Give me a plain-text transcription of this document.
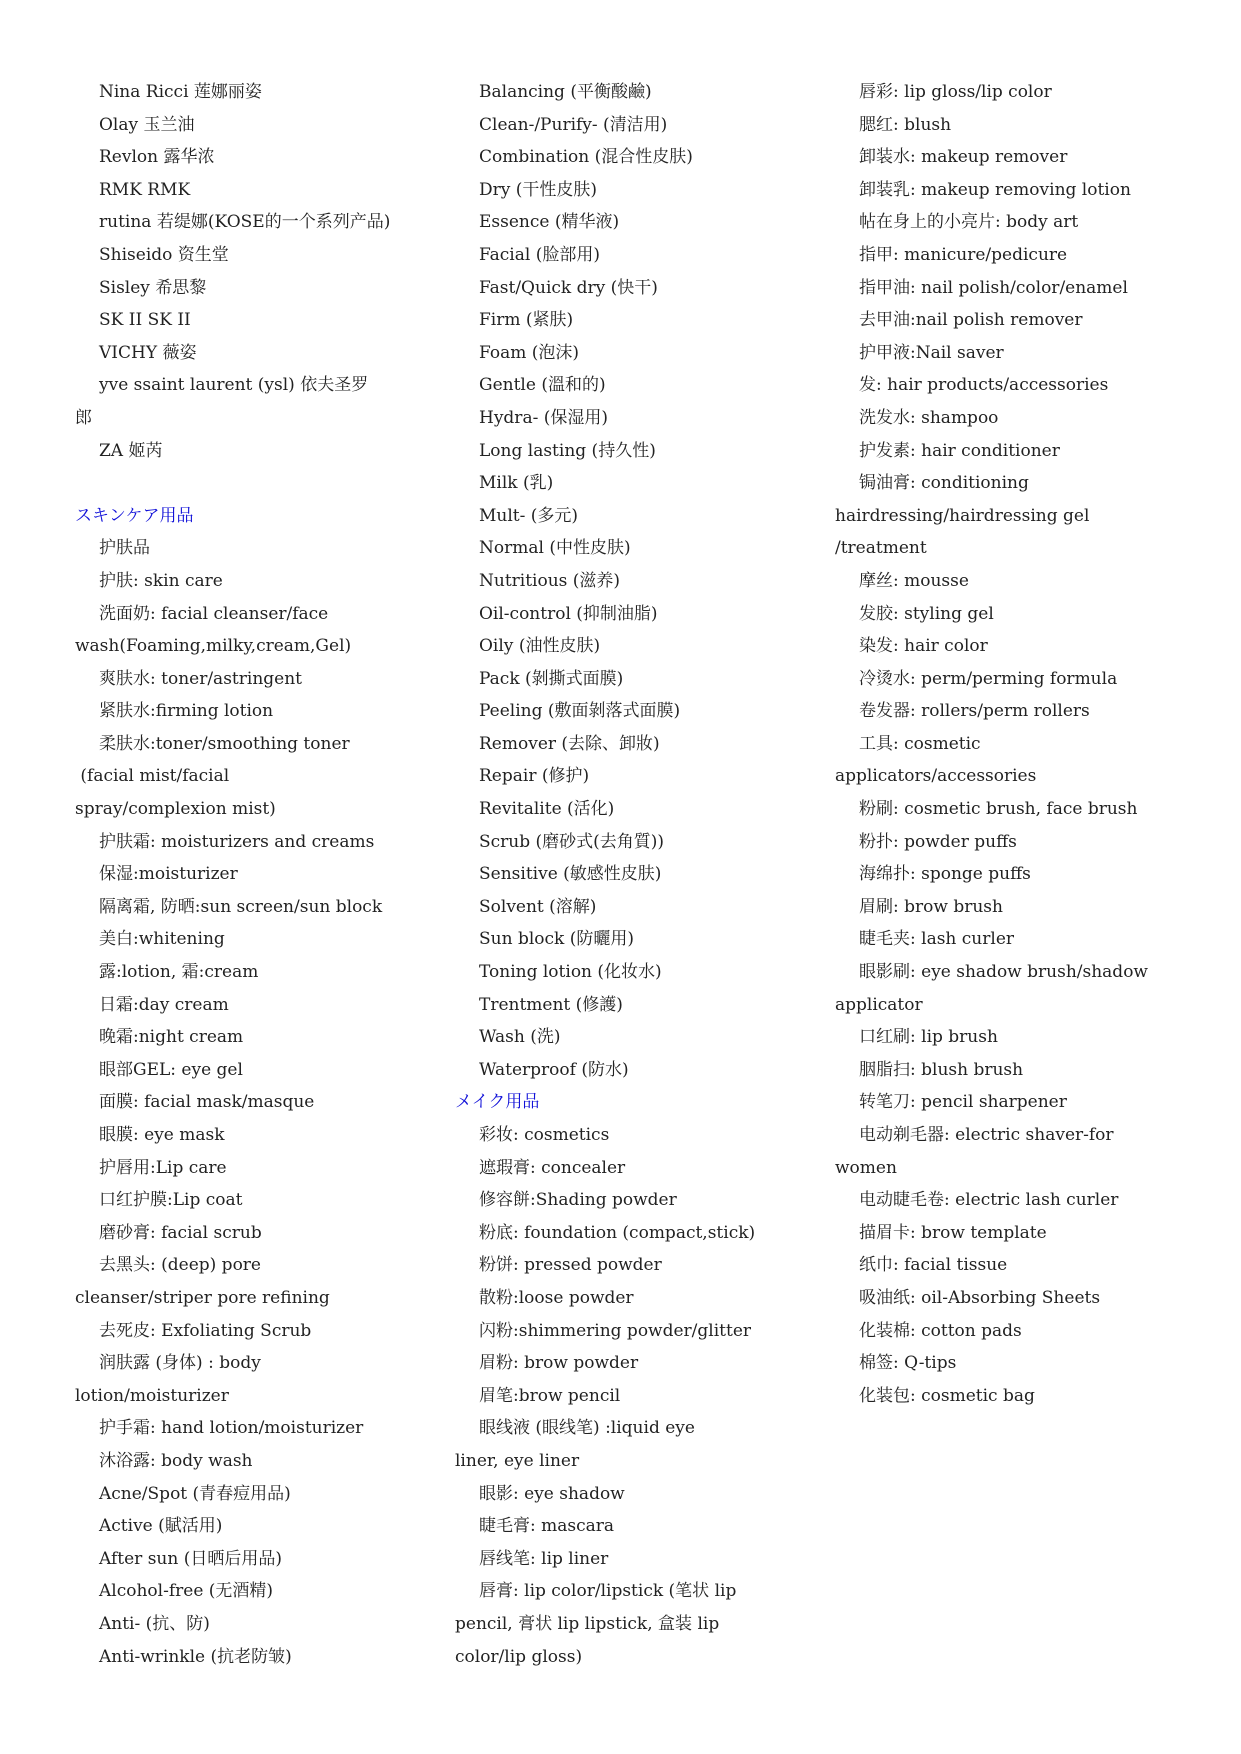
Nina Ricci 莲娜丽姿
Olay 玉兰油
Revlon 露华浓
RMK RMK
rutina 若缇娜(KOSE的一个系列产品)
Shiseido 资生堂
Sisley 希思黎
SK II SK II
VICHY 薇姿
yve ssaint laurent (ysl) 依夫圣罗
郎
ZA 姬芮
スキンケア用品
护肤品
护肤: skin care
洗面奶: facial cleanser/face
wash(Foaming,milky,cream,Gel)
爽肤水: toner/astringent
紧肤水:firming lotion
柔肤水:toner/smoothing toner
(facial mist/facial
spray/complexion mist)
护肤霜: moisturizers and creams
保湿:moisturizer
隔离霜, 防晒:sun screen/sun block
美白:whitening
露:lotion, 霜:cream
日霜:day cream
晚霜:night cream
眼部GEL: eye gel
面膜: facial mask/masque
眼膜: eye mask
护唇用:Lip care
口红护膜:Lip coat
磨砂膏: facial scrub
去黑头: (deep) pore
cleanser/striper pore refining
去死皮: Exfoliating Scrub
润肤露 (身体) : body
lotion/moisturizer
护手霜: hand lotion/moisturizer
沐浴露: body wash
Acne/Spot (青春痘用品)
Active (賦活用)
After sun (日晒后用品)
Alcohol-free (无酒精)
Anti- (抗、防)
Anti-wrinkle (抗老防皱)
Balancing (平衡酸鹼)
Clean-/Purify- (清洁用)
Combination (混合性皮肤)
Dry (干性皮肤)
Essence (精华液)
Facial (脸部用)
Fast/Quick dry (快干)
Firm (紧肤)
Foam (泡沫)
Gentle (溫和的)
Hydra- (保湿用)
Long lasting (持久性)
Milk (乳)
Mult- (多元)
Normal (中性皮肤)
Nutritious (滋养)
Oil-control (抑制油脂)
Oily (油性皮肤)
Pack (剝撕式面膜)
Peeling (敷面剝落式面膜)
Remover (去除、卸妝)
Repair (修护)
Revitalite (活化)
Scrub (磨砂式(去角質))
Sensitive (敏感性皮肤)
Solvent (溶解)
Sun block (防曬用)
Toning lotion (化妆水)
Trentment (修護)
Wash (洗)
Waterproof (防水)
メイク用品
彩妆: cosmetics
遮瑕膏: concealer
修容餅:Shading powder
粉底: foundation (compact,stick)
粉饼: pressed powder
散粉:loose powder
闪粉:shimmering powder/glitter
眉粉: brow powder
眉笔:brow pencil
眼线液 (眼线笔) :liquid eye
liner, eye liner
眼影: eye shadow
睫毛膏: mascara
唇线笔: lip liner
唇膏: lip color/lipstick (笔状 lip
pencil, 膏状 lip lipstick, 盒装 lip
color/lip gloss)
唇彩: lip gloss/lip color
腮红: blush
卸装水: makeup remover
卸装乳: makeup removing lotion
帖在身上的小亮片: body art
指甲: manicure/pedicure
指甲油: nail polish/color/enamel
去甲油:nail polish remover
护甲液:Nail saver
发: hair products/accessories
洗发水: shampoo
护发素: hair conditioner
锔油膏: conditioning
hairdressing/hairdressing gel
/treatment
摩丝: mousse
发胶: styling gel
染发: hair color
冷烫水: perm/perming formula
卷发器: rollers/perm rollers
工具: cosmetic
applicators/accessories
粉刷: cosmetic brush, face brush
粉扑: powder puffs
海绵扑: sponge puffs
眉刷: brow brush
睫毛夹: lash curler
眼影刷: eye shadow brush/shadow
applicator
口红刷: lip brush
胭脂扫: blush brush
转笔刀: pencil sharpener
电动剃毛器: electric shaver-for
women
电动睫毛卷: electric lash curler
描眉卡: brow template
纸巾: facial tissue
吸油纸: oil-Absorbing Sheets
化装棉: cotton pads
棉签: Q-tips
化装包: cosmetic bag
